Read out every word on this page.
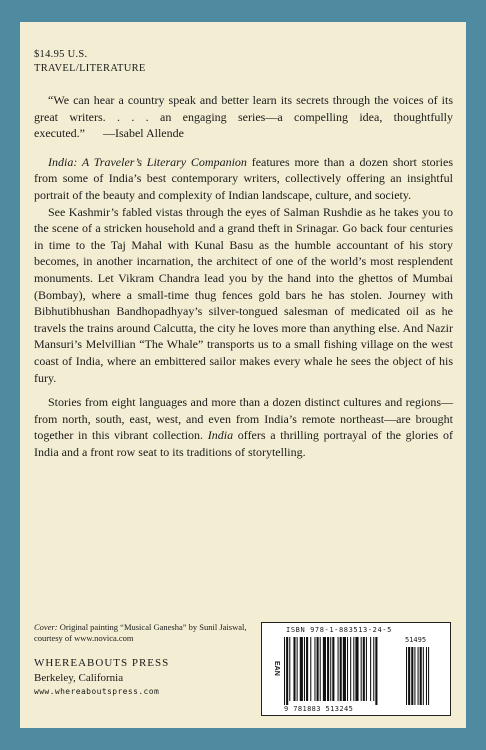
$14.95 U.S.
TRAVEL/LITERATURE

“We can hear a country speak and better learn its secrets through the voices of its great writers. . . . an engaging series—a compelling idea, thoughtfully executed.” —Isabel Allende

India: A Traveler’s Literary Companion features more than a dozen short stories from some of India’s best contemporary writers, collectively offering an insightful portrait of the beauty and complexity of Indian landscape, culture, and society.

See Kashmir’s fabled vistas through the eyes of Salman Rushdie as he takes you to the scene of a stricken household and a grand theft in Srinagar. Go back four centuries in time to the Taj Mahal with Kunal Basu as the humble accountant of his story becomes, in another incarnation, the architect of one of the world’s most resplendent monuments. Let Vikram Chandra lead you by the hand into the ghettos of Mumbai (Bombay), where a small-time thug fences gold bars he has stolen. Journey with Bibhutibhushan Bandhopadhyay’s silver-tongued salesman of medicated oil as he travels the trains around Calcutta, the city he loves more than anything else. And Nazir Mansuri’s Melvillian “The Whale” transports us to a small fishing village on the west coast of India, where an embittered sailor makes every whale he sees the object of his fury.

Stories from eight languages and more than a dozen distinct cultures and regions—from north, south, east, west, and even from India’s remote northeast—are brought together in this vibrant collection. India offers a thrilling portrayal of the glories of India and a front row seat to its traditions of storytelling.

Cover: Original painting “Musical Ganesha” by Sunil Jaiswal, courtesy of www.novica.com
WHEREABOUTS PRESS
Berkeley, California
www.whereaboutspress.com
ISBN 978-1-883513-24-5
EAN
51495
9 781883 513245
